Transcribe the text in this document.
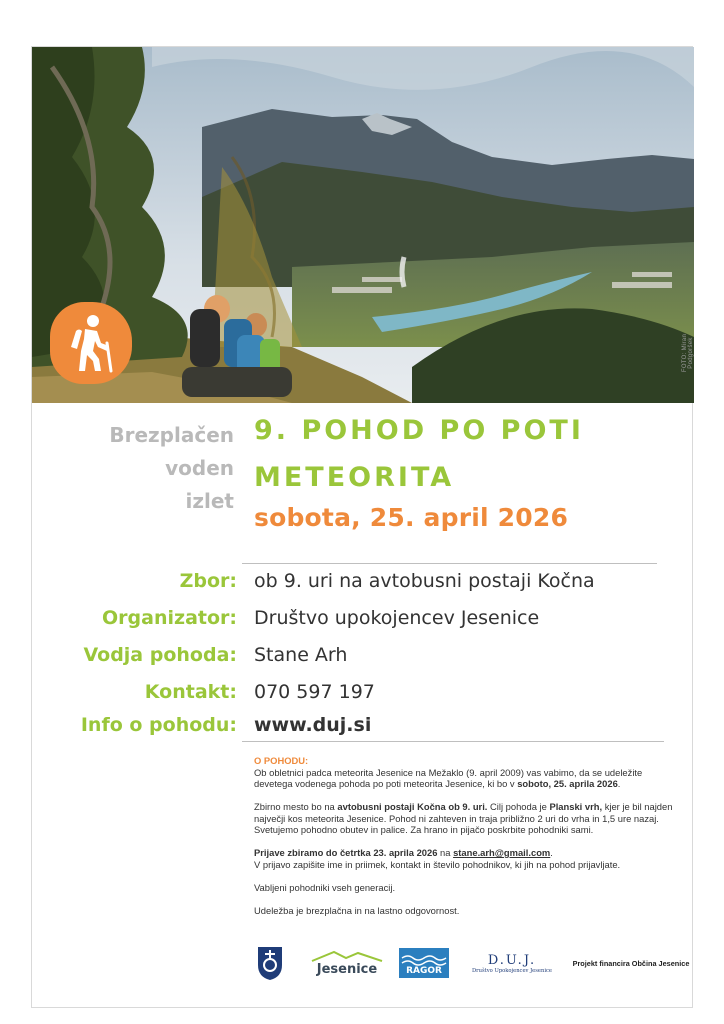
FOTO: Miran Podgoršek
Brezplačen
voden
izlet
9. POHOD PO POTI
METEORITA
sobota, 25. april 2026
Zbor: ob 9. uri na avtobusni postaji Kočna
Organizator: Društvo upokojencev Jesenice
Vodja pohoda: Stane Arh
Kontakt: 070 597 197
Info o pohodu: www.duj.si
O POHODU:

Ob obletnici padca meteorita Jesenice na Mežaklo (9. april 2009) vas vabimo, da se udeležite devetega vodenega pohoda po poti meteorita Jesenice, ki bo v soboto, 25. aprila 2026.

Zbirno mesto bo na avtobusni postaji Kočna ob 9. uri. Cilj pohoda je Planski vrh, kjer je bil najden največji kos meteorita Jesenice. Pohod ni zahteven in traja približno 2 uri do vrha in 1,5 ure nazaj. Svetujemo pohodno obutev in palice. Za hrano in pijačo poskrbite pohodniki sami.

Prijave zbiramo do četrtka 23. aprila 2026 na stane.arh@gmail.com.
V prijavo zapišite ime in priimek, kontakt in število pohodnikov, ki jih na pohod prijavljate.

Vabljeni pohodniki vseh generacij.

Udeležba je brezplačna in na lastno odgovornost.

Jesenice	RAGOR
D.U.J.
Društvo Upokojencev Jesenice
Projekt financira Občina Jesenice
